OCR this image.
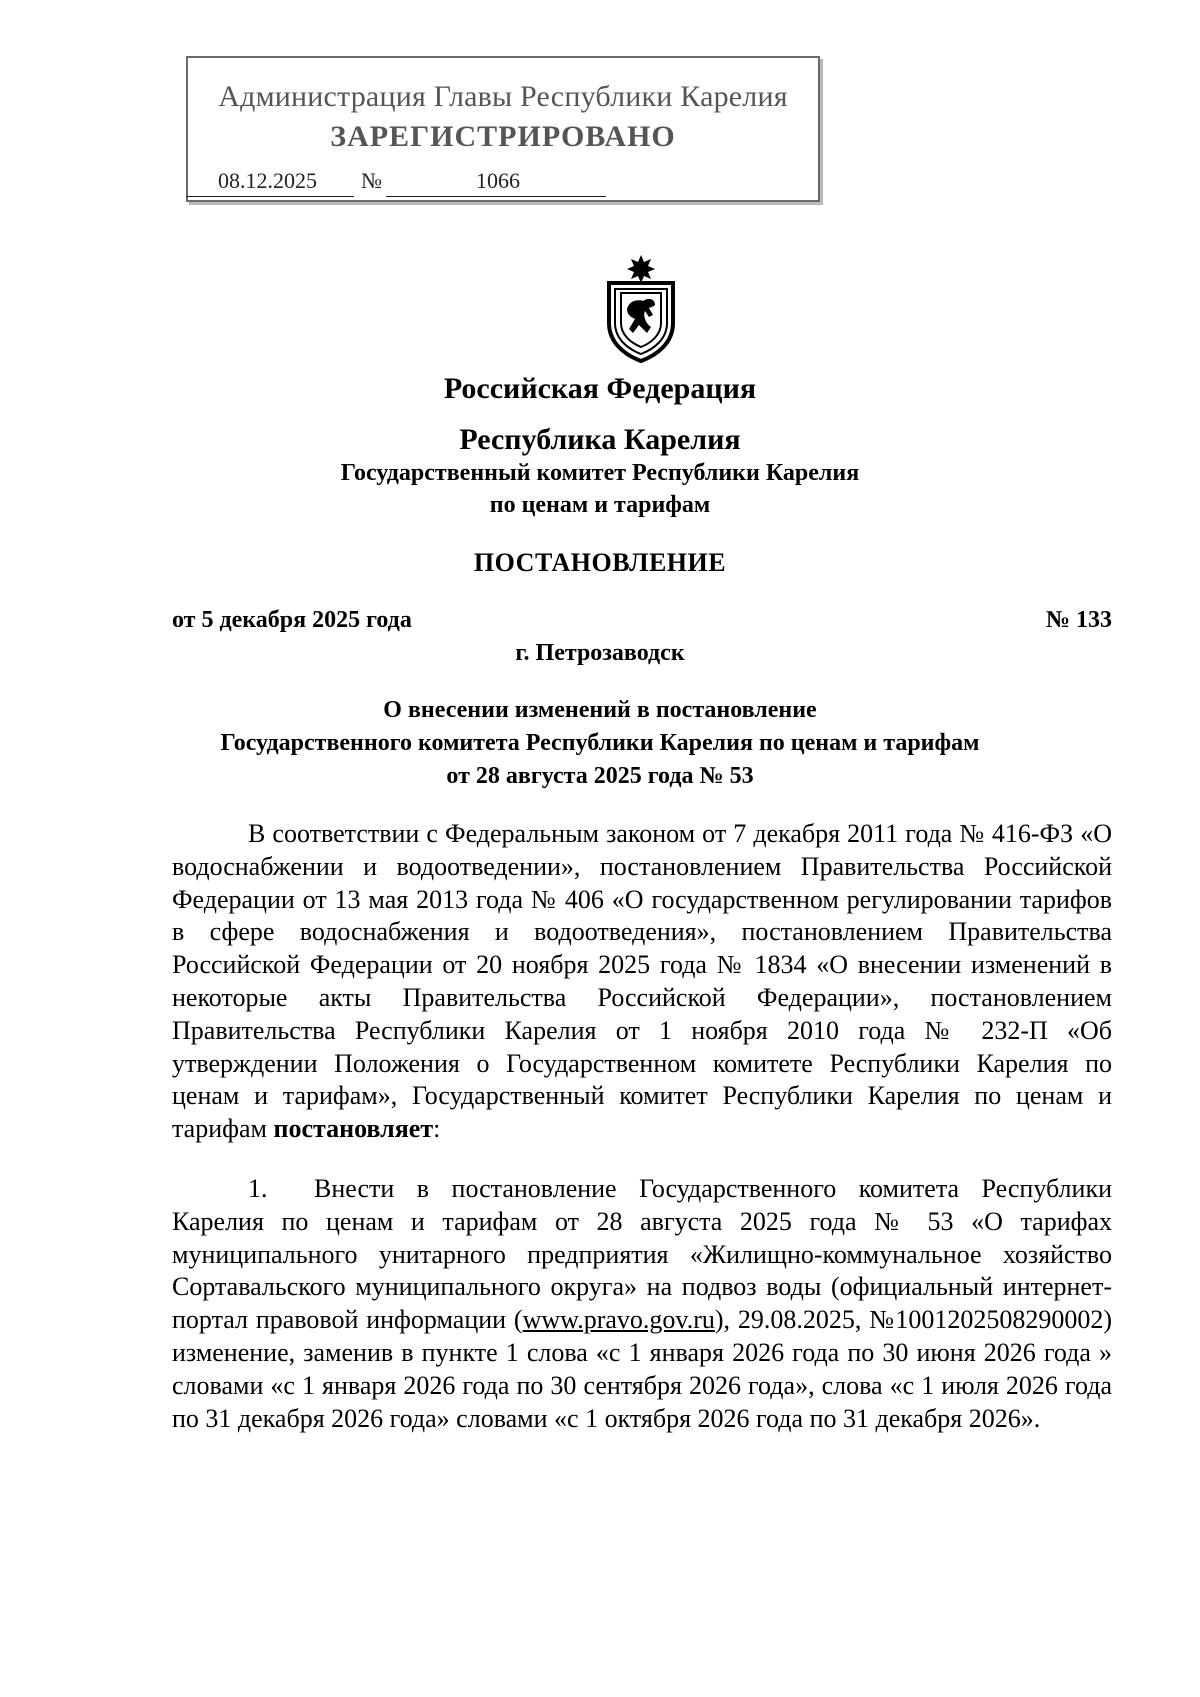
Администрация Главы Республики Карелия
ЗАРЕГИСТРИРОВАНО
08.12.2025 №	1066
Российская Федерация
Республика Карелия
Государственный комитет Республики Карелия
по ценам и тарифам
ПОСТАНОВЛЕНИЕ
от 5 декабря 2025 года	№ 133
г. Петрозаводск
О внесении изменений в постановление
Государственного комитета Республики Карелия по ценам и тарифам
от 28 августа 2025 года № 53

В соответствии с Федеральным законом от 7 декабря 2011 года № 416-ФЗ «О водоснабжении и водоотведении», постановлением Правительства Российской Федерации от 13 мая 2013 года № 406 «О государственном регулировании тарифов в сфере водоснабжения и водоотведения», постановлением Правительства Российской Федерации от 20 ноября 2025 года № 1834 «О внесении изменений в некоторые акты Правительства Российской Федерации», постановлением Правительства Республики Карелия от 1 ноября 2010 года № 232-П «Об утверждении Положения о Государственном комитете Республики Карелия по ценам и тарифам», Государственный комитет Республики Карелия по ценам и тарифам постановляет:

1. Внести в постановление Государственного комитета Республики Карелия по ценам и тарифам от 28 августа 2025 года № 53 «О тарифах муниципального унитарного предприятия «Жилищно-коммунальное хозяйство Сортавальского муниципального округа» на подвоз воды (официальный интернет-портал правовой информации (www.pravo.gov.ru), 29.08.2025, №1001202508290002) изменение, заменив в пункте 1 слова «с 1 января 2026 года по 30 июня 2026 года » словами «с 1 января 2026 года по 30 сентября 2026 года», слова «с 1 июля 2026 года по 31 декабря 2026 года» словами «с 1 октября 2026 года по 31 декабря 2026».
